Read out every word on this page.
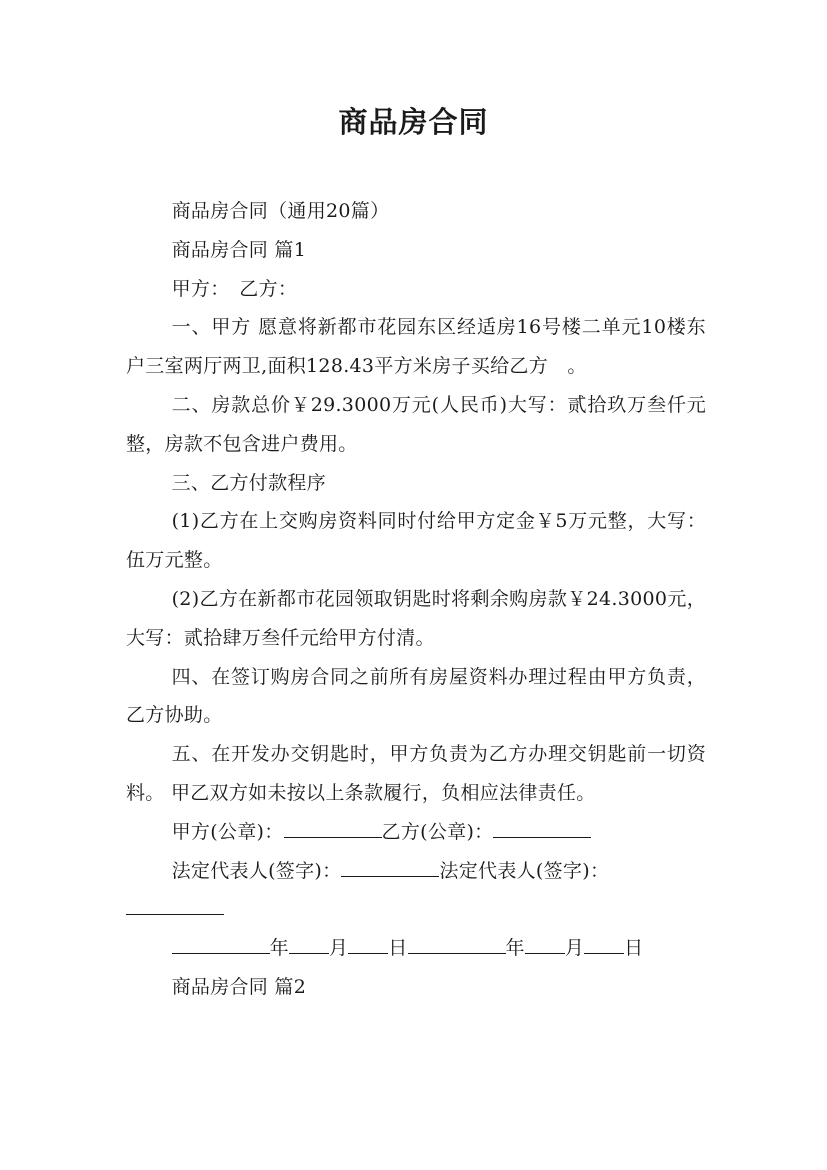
商品房合同

商品房合同（通用20篇）

商品房合同 篇1

甲方：　乙方：

一、甲方 愿意将新都市花园东区经适房16号楼二单元10楼东户三室两厅两卫,面积128.43平方米房子买给乙方　。

二、房款总价￥29.3000万元(人民币)大写：贰拾玖万叁仟元整，房款不包含进户费用。

三、乙方付款程序

(1)乙方在上交购房资料同时付给甲方定金￥5万元整，大写：伍万元整。

(2)乙方在新都市花园领取钥匙时将剩余购房款￥24.3000元，大写：贰拾肆万叁仟元给甲方付清。

四、在签订购房合同之前所有房屋资料办理过程由甲方负责，乙方协助。

五、在开发办交钥匙时，甲方负责为乙方办理交钥匙前一切资料。 甲乙双方如未按以上条款履行，负相应法律责任。

甲方(公章)：	乙方(公章)：

法定代表人(签字)：	法定代表人(签字)：

年 月 日	年 月 日

商品房合同 篇2
